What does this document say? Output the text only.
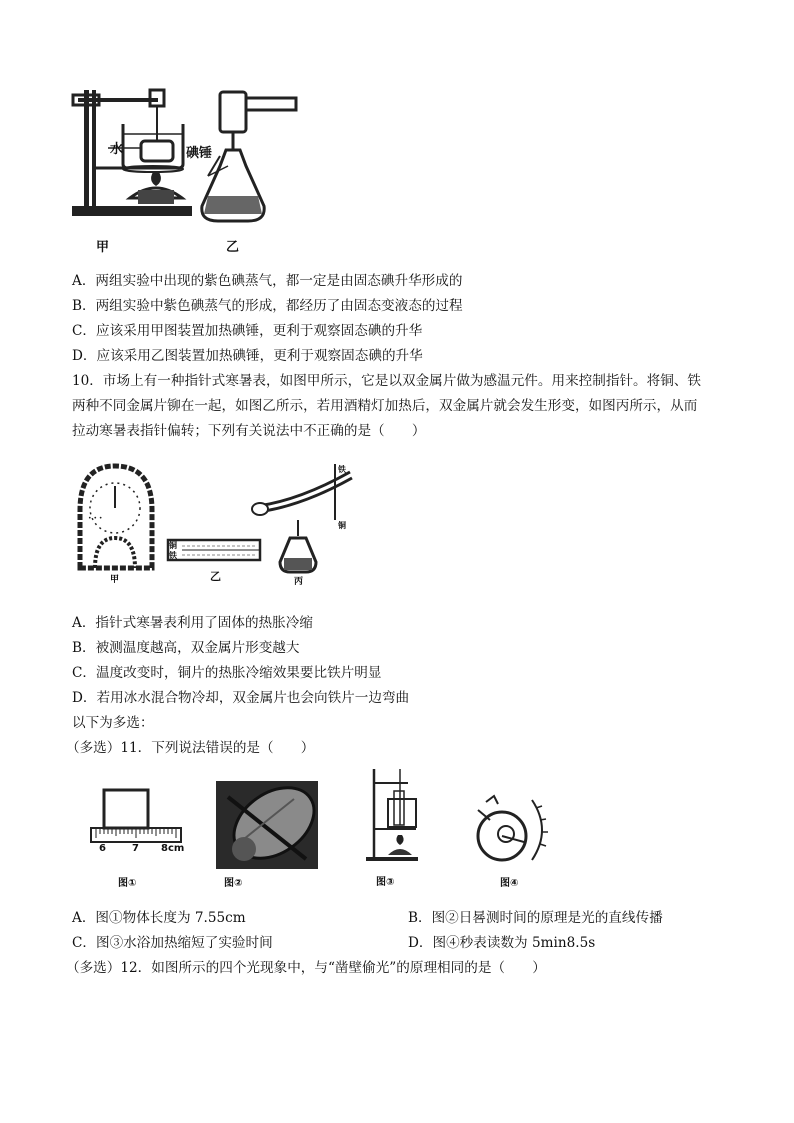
水	碘锤
甲	乙
A．两组实验中出现的紫色碘蒸气，都一定是由固态碘升华形成的
B．两组实验中紫色碘蒸气的形成，都经历了由固态变液态的过程
C．应该采用甲图装置加热碘锤，更利于观察固态碘的升华
D．应该采用乙图装置加热碘锤，更利于观察固态碘的升华
10．市场上有一种指针式寒暑表，如图甲所示，它是以双金属片做为感温元件。用来控制指针。将铜、铁
两种不同金属片铆在一起，如图乙所示，若用酒精灯加热后，双金属片就会发生形变，如图丙所示，从而
拉动寒暑表指针偏转；下列有关说法中不正确的是（　　）
• • •
甲	乙	丙
铜
铁
铁
铜
A．指针式寒暑表利用了固体的热胀冷缩
B．被测温度越高，双金属片形变越大
C．温度改变时，铜片的热胀冷缩效果要比铁片明显
D．若用冰水混合物冷却，双金属片也会向铁片一边弯曲
以下为多选：
（多选）11．下列说法错误的是（　　）
6	7 8cm
图①	图②	图③	图④
A．图①物体长度为 7.55cm	B．图②日晷测时间的原理是光的直线传播
C．图③水浴加热缩短了实验时间	D．图④秒表读数为 5min8.5s
（多选）12．如图所示的四个光现象中，与“凿壁偷光”的原理相同的是（　　）
